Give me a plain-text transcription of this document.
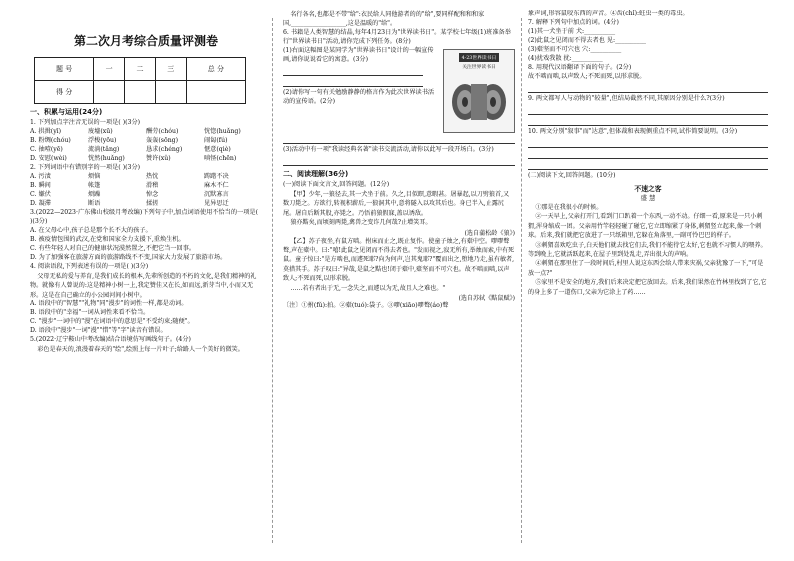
第二次月考综合质量评测卷
题 号	一	二	三	总 分
得 分				
一、积累与运用(24分)

1. 下列加点字注音无误的一项是( )(3分)

A. 拱揖(yī)	废墟(xū)	酬劳(chóu)	恍惚(huǎng)
B. 粉绸(chóu)	浮梭(yōu)	轰轰(sōng)	闹匐(fú)
C. 抽噎(yē)	流淌(tǎng)	恳求(chéng)	惬意(qiè)
D. 安慰(wèi)	恍然(huǎng)	赞许(xǔ)	嗔怪(chēn)

2. 下列词语中有错别字的一项是( )(3分)

A. 污渍	烦恼	热忱	踌躇不决
B. 瞬间	帐篷	滑稽	麻木不仁
C. 嫌伏	烦躁	悼念	沉默寡言
D. 凝滞	断语	揉搓	见异思迁

3.(2022—2023·广东佛山校级月考改编)下列句子中,加点词语使用不恰当的一项是( )(3分)

A. 在父母心中,孩子总是那个长不大的孩子。

B. 被疫情包围的武汉,在党和国家全力支援下,重焕生机。

C. 有些年轻人对自己的健康状况漠然置之,不把它当一回事。

D. 为了加强客在旅游方面的旅游路线不不变,国家大力发展了旅游市场。

4. 阅读语段,下列表述有误的一项是( )(3分)

父母无私的爱与养育,是我们成长的根本,先辈所创造的不朽的文化,是我们精神的礼物。就像有人曾说的:这是精神小树一上,我定赞佳又在长,如而远,新芽当中,小而又无形。这是在自己确立的小公园河间小树中。

A. 语段中的"智慧""礼物"同"漫步"的词性一样,都是动词。

B. 语段中的"幸福"一词从词性来看不恰当。

C. "漫步"一词中的"漫"在词语中的意思是"不受约束;随便"。

D. 语段中"漫步"一词"漫""惜"等"字"读音有错误。

5.(2022·辽宁鞍山中考改编)结合语境仿写画线句子。(4分)

彩色是春天的,浪漫着春天的"绘",绘照上每一片叶子;给路人一个美好的微笑。

名行各名,也都是不带"给":衣民给人同他游者的的"给",要同样配和和和家国,__________________,这是温暖的"给"。

6. 书籍是人类智慧的结晶,每年4月23日为"世界读书日"。某学校七年级(1)班准备举行"世界读书日"活动,请你完成下列任务。(8分)

4·23世界读书日
关注世界读书日

(1)右面这幅图是某同学为"世界读书日"设计的一幅宣传画,请你说说看它的寓意。(3分)

(2)请你写一句有关勉励静静的格言作为此次世界读书活动的宣传语。(2分)

(3)活动中有一项"我读经典名著"读书交流活动,请你以此写一段开场白。(3分)

二、阅读理解(36分)

(一)阅读下面文言文,回答问题。(12分)

【甲】少年,一狼径去,其一犬坐于前。久之,目似瞑,意暇甚。屠暴起,以刀劈狼首,又数刀毙之。方欲行,转视积薪后,一狼洞其中,意将隧入以攻其后也。身已半入,止露尻尾。屠自后断其股,亦毙之。乃悟前狼假寐,盖以诱敌。

狼亦黠矣,而顷刻两毙,禽兽之变诈几何哉?止增笑耳。

(选自蒲松龄《狼》)

【乙】苏子夜坐,有鼠方啮。拊床而止之,既止复作。使童子烛之,有橐中空。嘐嘐聱聱,声在橐中。曰:"嘻!此鼠之见闭而不得去者也。"发而视之,寂无所有,举烛而索,中有死鼠。童子惊曰:"是方啮也,而遽死耶?向为何声,岂其鬼耶?"覆而出之,堕地乃走,虽有敏者,莫措其手。苏子叹曰:"异哉,是鼠之黠也!闭于橐中,橐坚而不可穴也。故不啮而啮,以声致人;不死而死,以形求脱。

……若有者出于无,一念失之,而遽以为无,故且人之难也。"

(选自苏轼《黠鼠赋》)

〔注〕①拊(fǔ):拍。②橐(tuó):袋子。③嘐(xiāo)嘐聱(áo)聱

象声词,形容鼠咬东西的声音。④齿(chǐ):蛀虫一类的毒虫。

7. 解释下列句中加点的词。(4分)

(1)其一犬坐于前 犬:__________

(2)此鼠之见闭而不得去者也 见:__________

(3)橐坚而不可穴也 穴:__________

(4)扰戏我散 扰:__________

8. 用现代汉语翻译下面的句子。(2分)

故不啮而啮,以声致人;不死而死,以形求脱。

9. 两文都写人与动物的"较量",但结局截然不同,其原因分别是什么?(3分)

10. 两文分别"叙事"而"达意",但体裁和表现侧重点不同,试作简要说明。(3分)

(二)阅读下文,回答问题。(10分)

不速之客
盛 慧

①那是在我很小的时候。

②一天早上,父亲打开门,看到门口趴着一个东西,一动不动。仔细一看,原来是一只小刺猬,浑身缩成一团。父亲用竹竿轻轻碰了碰它,它立即缩紧了身体,刺猬竖立起来,像一个刺球。后来,我们就把它放进了一只纸箱里,它躲在角落里,一副可怜巴巴的样子。

③刺猬喜欢吃虫子,白天他们就去找它们去,我们不能待它太好,它也就不习惯人的喂养。等到晚上,它就活跃起来,在屋子里到处乱走,弄出很大的声响。

④刺猬在那里住了一段时间后,村里人说这东西会给人带来灾祸,父亲犹豫了一下,"可是放一点?"

⑤家里不是安全的地方,我们后来决定把它放回去。后来,我们果然在竹林里找到了它,它的身上多了一道伤口,父亲为它涂上了药……
